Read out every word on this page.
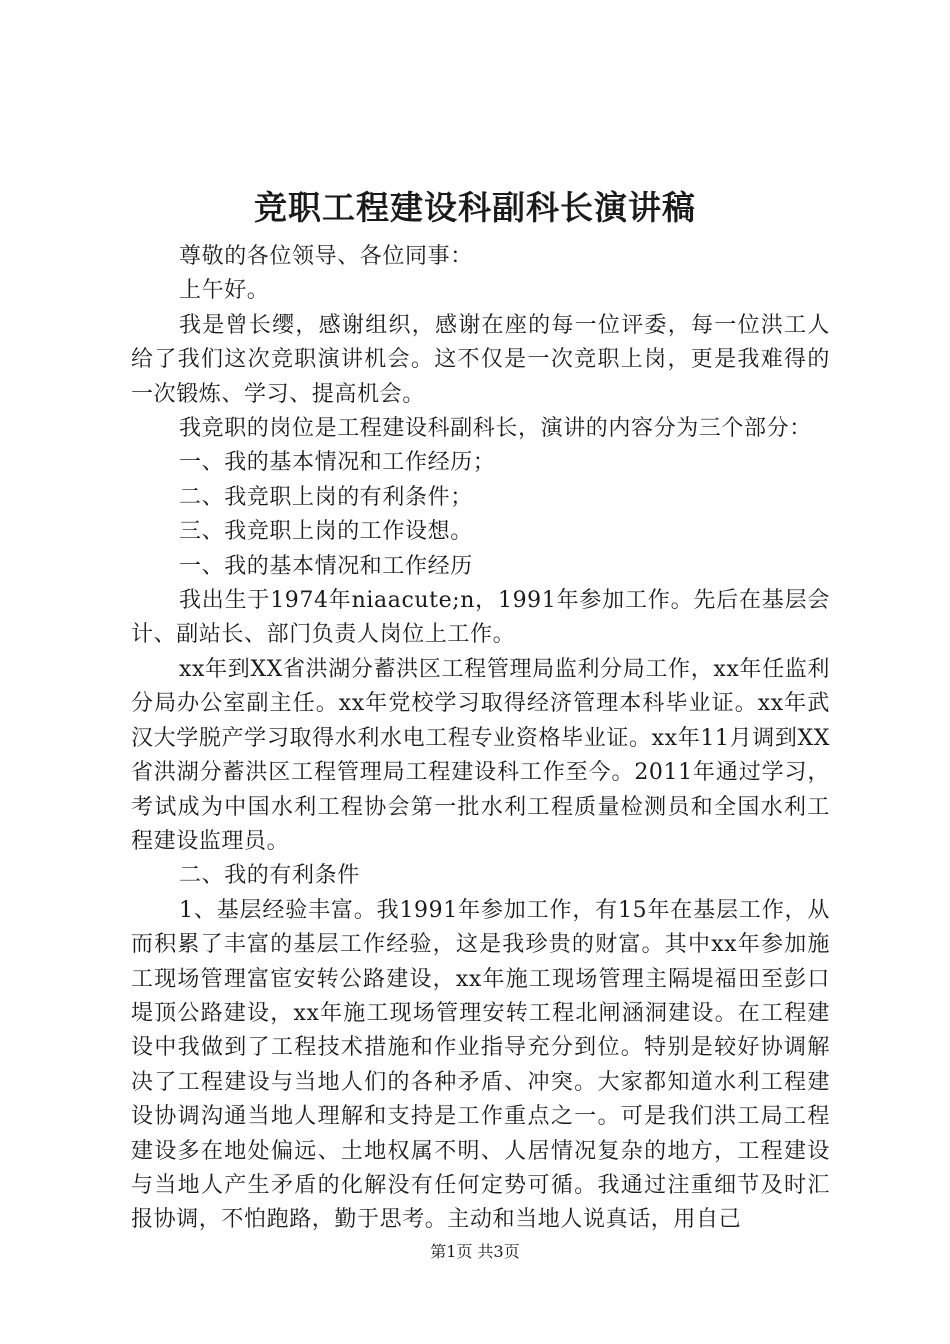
竞职工程建设科副科长演讲稿

尊敬的各位领导、各位同事：

上午好。

我是曾长缨，感谢组织，感谢在座的每一位评委，每一位洪工人给了我们这次竞职演讲机会。这不仅是一次竞职上岗，更是我难得的一次锻炼、学习、提高机会。

我竞职的岗位是工程建设科副科长，演讲的内容分为三个部分：

一、我的基本情况和工作经历；

二、我竞职上岗的有利条件；

三、我竞职上岗的工作设想。

一、我的基本情况和工作经历

我出生于1974年niaacute;n，1991年参加工作。先后在基层会计、副站长、部门负责人岗位上工作。

xx年到XX省洪湖分蓄洪区工程管理局监利分局工作，xx年任监利分局办公室副主任。xx年党校学习取得经济管理本科毕业证。xx年武汉大学脱产学习取得水利水电工程专业资格毕业证。xx年11月调到XX省洪湖分蓄洪区工程管理局工程建设科工作至今。2011年通过学习，考试成为中国水利工程协会第一批水利工程质量检测员和全国水利工程建设监理员。

二、我的有利条件

1、基层经验丰富。我1991年参加工作，有15年在基层工作，从而积累了丰富的基层工作经验，这是我珍贵的财富。其中xx年参加施工现场管理富宦安转公路建设，xx年施工现场管理主隔堤福田至彭口堤顶公路建设，xx年施工现场管理安转工程北闸涵洞建设。在工程建设中我做到了工程技术措施和作业指导充分到位。特别是较好协调解决了工程建设与当地人们的各种矛盾、冲突。大家都知道水利工程建设协调沟通当地人理解和支持是工作重点之一。可是我们洪工局工程建设多在地处偏远、土地权属不明、人居情况复杂的地方，工程建设与当地人产生矛盾的化解没有任何定势可循。我通过注重细节及时汇报协调，不怕跑路，勤于思考。主动和当地人说真话，用自己

第1页 共3页
